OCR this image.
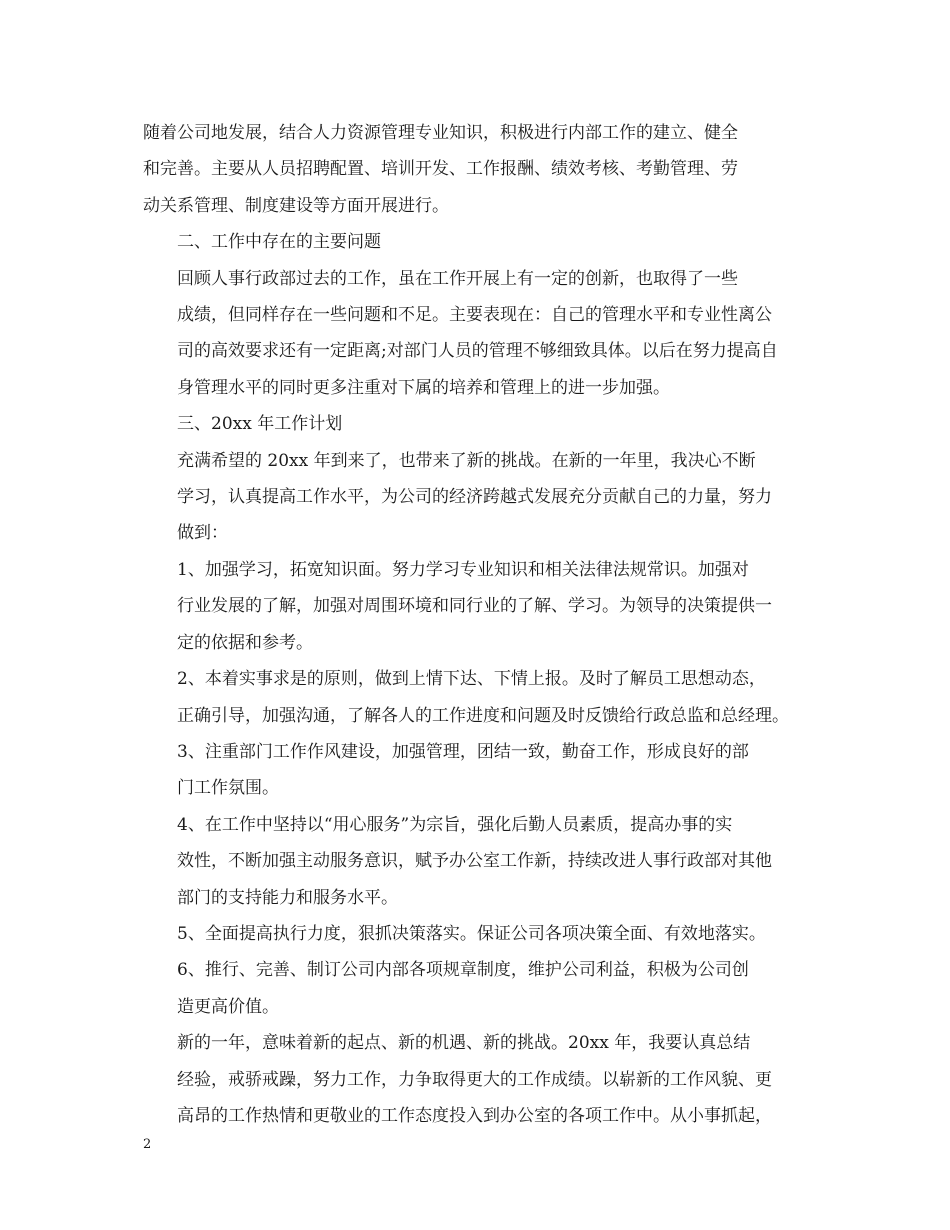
随着公司地发展，结合人力资源管理专业知识，积极进行内部工作的建立、健全
和完善。主要从人员招聘配置、培训开发、工作报酬、绩效考核、考勤管理、劳
动关系管理、制度建设等方面开展进行。
二、工作中存在的主要问题
回顾人事行政部过去的工作，虽在工作开展上有一定的创新，也取得了一些
成绩，但同样存在一些问题和不足。主要表现在：自己的管理水平和专业性离公
司的高效要求还有一定距离;对部门人员的管理不够细致具体。以后在努力提高自
身管理水平的同时更多注重对下属的培养和管理上的进一步加强。
三、20xx 年工作计划
充满希望的 20xx 年到来了，也带来了新的挑战。在新的一年里，我决心不断
学习，认真提高工作水平，为公司的经济跨越式发展充分贡献自己的力量，努力
做到：
1、加强学习，拓宽知识面。努力学习专业知识和相关法律法规常识。加强对
行业发展的了解，加强对周围环境和同行业的了解、学习。为领导的决策提供一
定的依据和参考。
2、本着实事求是的原则，做到上情下达、下情上报。及时了解员工思想动态，
正确引导，加强沟通，了解各人的工作进度和问题及时反馈给行政总监和总经理。
3、注重部门工作作风建设，加强管理，团结一致，勤奋工作，形成良好的部
门工作氛围。
4、在工作中坚持以“用心服务”为宗旨，强化后勤人员素质，提高办事的实
效性，不断加强主动服务意识，赋予办公室工作新，持续改进人事行政部对其他
部门的支持能力和服务水平。
5、全面提高执行力度，狠抓决策落实。保证公司各项决策全面、有效地落实。
6、推行、完善、制订公司内部各项规章制度，维护公司利益，积极为公司创
造更高价值。
新的一年，意味着新的起点、新的机遇、新的挑战。20xx 年，我要认真总结
经验，戒骄戒躁，努力工作，力争取得更大的工作成绩。以崭新的工作风貌、更
高昂的工作热情和更敬业的工作态度投入到办公室的各项工作中。从小事抓起，
2
